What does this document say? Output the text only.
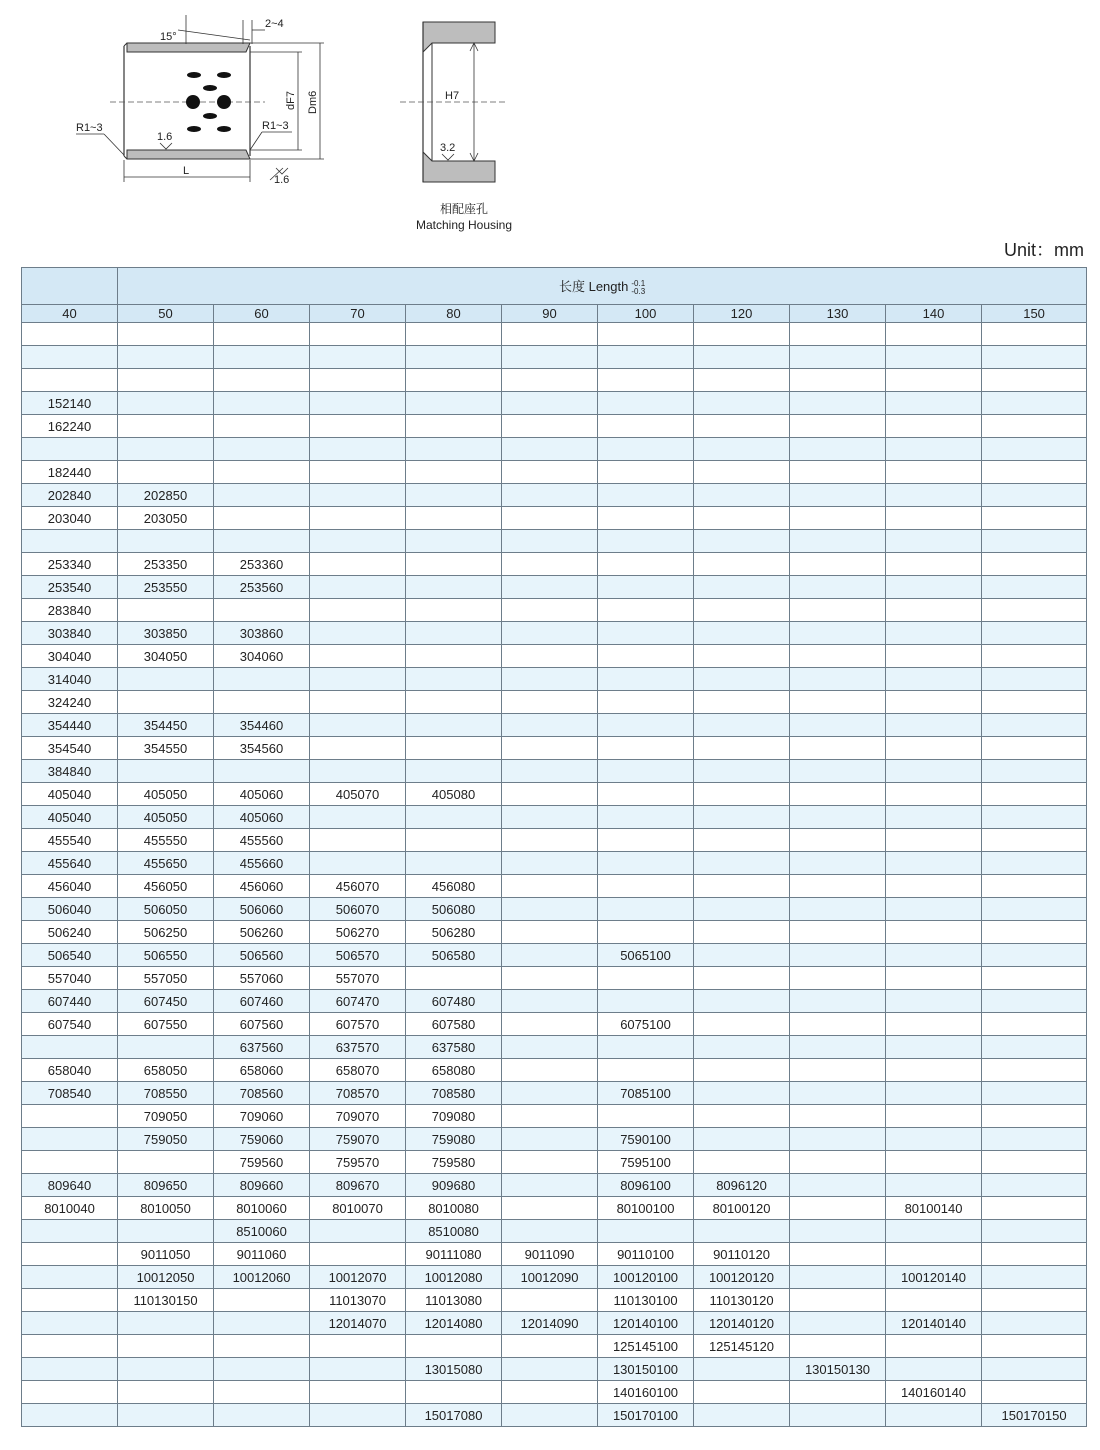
15°
2~4
R1~3	R1~3
1.6
1.6
L
dF7 Dm6	H7
3.2
相配座孔
Matching Housing
Unit：mm
	长度 Length -0.1
-0.3									
40	50	60	70	80	90	100	120	130	140	150

152140										
162240										

182440										
202840	202850									
203040	203050									

253340	253350	253360								
253540	253550	253560								
283840										
303840	303850	303860								
304040	304050	304060								
314040										
324240										
354440	354450	354460								
354540	354550	354560								
384840										
405040	405050	405060	405070	405080						
405040	405050	405060								
455540	455550	455560								
455640	455650	455660								
456040	456050	456060	456070	456080						
506040	506050	506060	506070	506080						
506240	506250	506260	506270	506280						
506540	506550	506560	506570	506580		5065100				
557040	557050	557060	557070							
607440	607450	607460	607470	607480						
607540	607550	607560	607570	607580		6075100				
		637560	637570	637580						
658040	658050	658060	658070	658080						
708540	708550	708560	708570	708580		7085100				
	709050	709060	709070	709080						
	759050	759060	759070	759080		7590100				
		759560	759570	759580		7595100				
809640	809650	809660	809670	909680		8096100	8096120			
8010040	8010050	8010060	8010070	8010080		80100100	80100120		80100140	
		8510060		8510080						
	9011050	9011060		90111080	9011090	90110100	90110120			
	10012050	10012060	10012070	10012080	10012090	100120100	100120120		100120140	
	110130150		11013070	11013080		110130100	110130120			
			12014070	12014080	12014090	120140100	120140120		120140140	
						125145100	125145120			
				13015080		130150100		130150130		
						140160100			140160140	
				15017080		150170100				150170150
